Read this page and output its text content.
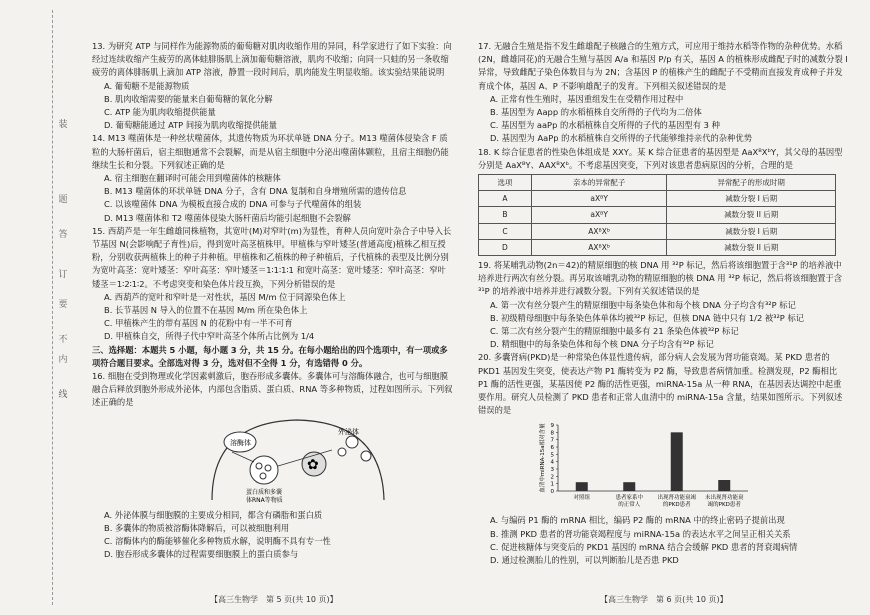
装
订
线
题
答
要
不
内

13. 为研究 ATP 与同样作为能源物质的葡萄糖对肌肉收缩作用的异同，科学家进行了如下实验：向经过连续收缩产生疲劳的离体蛙腓肠肌上滴加葡萄糖溶液，肌肉不收缩；向同一只蛙的另一条收缩疲劳的离体腓肠肌上滴加 ATP 溶液，静置一段时间后，肌肉能发生明显收缩。该实验结果能说明

A. 葡萄糖不是能源物质

B. 肌肉收缩需要的能量来自葡萄糖的氧化分解

C. ATP 能为肌肉收缩提供能量

D. 葡萄糖能通过 ATP 间接为肌肉收缩提供能量

14. M13 噬菌体是一种丝状噬菌体，其遗传物质为环状单链 DNA 分子。M13 噬菌体侵染含 F 质粒的大肠杆菌后，宿主细胞通常不会裂解，而是从宿主细胞中分泌出噬菌体颗粒，且宿主细胞仍能继续生长和分裂。下列叙述正确的是

A. 宿主细胞在翻译时可能会用到噬菌体的核糖体

B. M13 噬菌体的环状单链 DNA 分子，含有 DNA 复制和自身增殖所需的遗传信息

C. 以该噬菌体 DNA 为模板直接合成的 DNA 可参与子代噬菌体的组装

D. M13 噬菌体和 T2 噬菌体侵染大肠杆菌后均能引起细胞不会裂解

15. 西葫芦是一年生雌雄同株植物，其宽叶(M)对窄叶(m)为显性，育种人员向宽叶杂合子中导入长节基因 N(会影响配子育性)后，得到宽叶高茎植株甲。甲植株与窄叶矮茎(普通高度)植株乙相互授粉，分别收获两植株上的种子并种植。甲植株和乙植株的种子种植后，子代植株的表型及比例分别为宽叶高茎：宽叶矮茎：窄叶高茎：窄叶矮茎＝1∶1∶1∶1 和宽叶高茎：宽叶矮茎：窄叶高茎：窄叶矮茎＝1∶2∶1∶2。不考虑突变和染色体片段互换，下列分析错误的是

A. 西葫芦的宽叶和窄叶是一对性状，基因 M/m 位于同源染色体上

B. 长节基因 N 导入的位置不在基因 M/m 所在染色体上

C. 甲植株产生的带有基因 N 的花粉中有一半不可育

D. 甲植株自交，所得子代中窄叶高茎个体所占比例为 1/4

三、选择题：本题共 5 小题，每小题 3 分，共 15 分。在每小题给出的四个选项中，有一项或多项符合题目要求。全部选对得 3 分，选对但不全得 1 分，有选错得 0 分。

16. 细胞在受到物理或化学因素刺激后，胞吞形成多囊体。多囊体可与溶酶体融合，也可与细胞膜融合后释放到胞外形成外泌体，内部包含脂质、蛋白质、RNA 等多种物质，过程如图所示。下列叙述正确的是

✿
溶酶体
外泌体
蛋白质和多囊
体RNA等物质

A. 外泌体膜与细胞膜的主要成分相同，都含有磷脂和蛋白质

B. 多囊体的物质被溶酶体降解后，可以被细胞利用

C. 溶酶体内的酶能够催化多种物质水解，说明酶不具有专一性

D. 胞吞形成多囊体的过程需要细胞膜上的蛋白质参与

17. 无融合生殖是指不发生雌雄配子核融合的生殖方式，可应用于维持水稻等作物的杂种优势。水稻(2N，雌雄同花)的无融合生殖与基因 A/a 和基因 P/p 有关，基因 A 的植株形成雌配子时的减数分裂 I 异常，导致雌配子染色体数目与为 2N；含基因 P 的植株产生的雌配子不受精而直接发育成种子并发育成个体，基因 A、P 不影响雄配子的发育。下列相关叙述错误的是

A. 正常有性生殖时，基因重组发生在受精作用过程中

B. 基因型为 Aapp 的水稻植株自交所得的子代均为二倍体

C. 基因型为 aaPp 的水稻植株自交所得的子代的基因型有 3 种

D. 基因型为 AaPp 的水稻植株自交所得的子代能够维持亲代的杂种优势

18. K 综合征患者的性染色体组成是 XXY。某 K 综合征患者的基因型是 AaXᴮXᵇY，其父母的基因型分别是 AaXᴮY、AAXᴮXᵇ。不考虑基因突变，下列对该患者患病原因的分析，合理的是

选项	亲本的异常配子	异常配子的形成时期
A	aXᴮY	减数分裂 I 后期
B	aXᴮY	减数分裂 II 后期
C	AXᴮXᵇ	减数分裂 I 后期
D	AXᴮXᵇ	减数分裂 II 后期

19. 将某哺乳动物(2n＝42)的精原细胞的核 DNA 用 ³²P 标记，然后将该细胞置于含³¹P 的培养液中培养进行两次有丝分裂。再另取该哺乳动物的精原细胞的核 DNA 用 ³²P 标记，然后将该细胞置于含³¹P 的培养液中培养并进行减数分裂。下列有关叙述错误的是

A. 第一次有丝分裂产生的精原细胞中每条染色体和每个核 DNA 分子均含有³²P 标记

B. 初级精母细胞中每条染色体单体均被³²P 标记，但核 DNA 链中只有 1/2 被³²P 标记

C. 第二次有丝分裂产生的精原细胞中最多有 21 条染色体被³²P 标记

D. 精细胞中的每条染色体和每个核 DNA 分子均含有³²P 标记

20. 多囊肾病(PKD)是一种常染色体显性遗传病，部分病人会发展为肾功能衰竭。某 PKD 患者的 PKD1 基因发生突变，使表达产物 P1 酶转变为 P2 酶，导致患者病情加重。检测发现，P2 酶相比 P1 酶的活性更强，某基因使 P2 酶的活性更强，miRNA-15a 从一种 RNA，在基因表达调控中起重要作用。研究人员检测了 PKD 患者和正常人血清中的 miRNA-15a 含量，结果如图所示。下列叙述错误的是

0
1
2
3
4
5
6
7
8
9
血清中miRNA-15a相对含量
对照组	患者家系中
的正常人
出现肾功能衰竭
的PKD患者
未出现肾功能衰
竭的PKD患者

A. 与编码 P1 酶的 mRNA 相比，编码 P2 酶的 mRNA 中的终止密码子提前出现

B. 推测 PKD 患者的肾功能衰竭程度与 miRNA-15a 的表达水平之间呈正相关关系

C. 促进核糖体与突变后的 PKD1 基因的 mRNA 结合会缓解 PKD 患者的肾衰竭病情

D. 通过检测胎儿的性别，可以判断胎儿是否患 PKD

【高三生物学　第 5 页(共 10 页)】	【高三生物学　第 6 页(共 10 页)】
